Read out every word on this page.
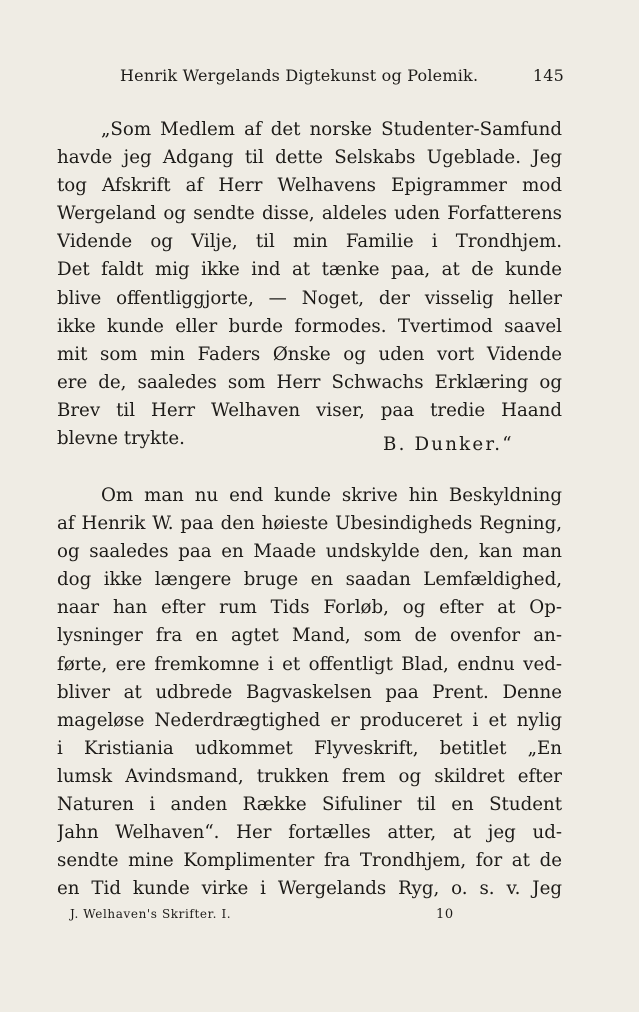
Henrik Wergelands Digtekunst og Polemik.	145
„Som Medlem af det norske Studenter-Samfund
havde jeg Adgang til dette Selskabs Ugeblade. Jeg
tog Afskrift af Herr Welhavens Epigrammer mod
Wergeland og sendte disse, aldeles uden Forfatterens
Vidende og Vilje, til min Familie i Trondhjem.
Det faldt mig ikke ind at tænke paa, at de kunde
blive offentliggjorte, — Noget, der visselig heller
ikke kunde eller burde formodes. Tvertimod saavel
mit som min Faders Ønske og uden vort Vidende
ere de, saaledes som Herr Schwachs Erklæring og
Brev til Herr Welhaven viser, paa tredie Haand
blevne trykte.	B. Dunker.“
Om man nu end kunde skrive hin Beskyldning
af Henrik W. paa den høieste Ubesindigheds Regning,
og saaledes paa en Maade undskylde den, kan man
dog ikke længere bruge en saadan Lemfældighed,
naar han efter rum Tids Forløb, og efter at Op-
lysninger fra en agtet Mand, som de ovenfor an-
førte, ere fremkomne i et offentligt Blad, endnu ved-
bliver at udbrede Bagvaskelsen paa Prent. Denne
mageløse Nederdrægtighed er produceret i et nylig
i Kristiania udkommet Flyveskrift, betitlet „En
lumsk Avindsmand, trukken frem og skildret efter
Naturen i anden Række Sifuliner til en Student
Jahn Welhaven“. Her fortælles atter, at jeg ud-
sendte mine Komplimenter fra Trondhjem, for at de
en Tid kunde virke i Wergelands Ryg, o. s. v. Jeg
J. Welhaven's Skrifter. I.	10
